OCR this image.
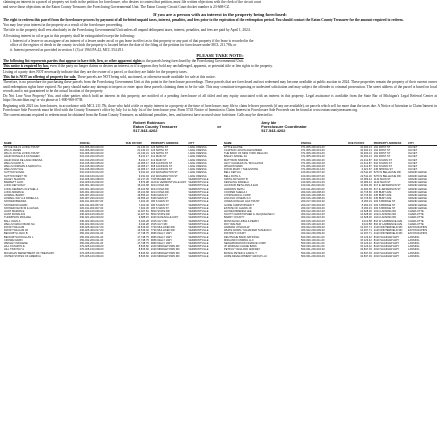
claiming an interest in a parcel of property set forth in the petition for foreclosure, who desires to contest that petition, must file written objections with the clerk of the circuit court

and serve those objections on the Eaton County Treasurer, the Foreclosing Governmental Unit. The Eaton County Circuit Court docket number is 23-668-CZ.

If you are a person with an interest in the property being foreclosed:

The right to redeem this parcel from the foreclosure process by payment of all forfeited unpaid taxes, interest, penalties, and fees prior to the expiration of the redemption period. You should contact the Eaton County Treasurer for the amount required to redeem.

You may lose your interest in the property as a result of the foreclosure proceeding.

The title to the property shall vest absolutely in the Foreclosing Governmental Unit unless all unpaid delinquent taxes, interest, penalties, and fees are paid by April 1, 2024.

All existing interest in oil or gas in this property shall be extinguished except the following:

i. Interest of a lessee or an assignee of an interest of a lessee under an oil or gas lease in effect as to that property or any part of that property if the lease is recorded in the

office of the register of deeds in the county in which the property is located before the date of the filing of the petition for foreclosure under MCL 211.78h; or

ii. Interest preserved as provided in section 1 (3) of 1963 PA 42, MCL 554.291.

PLEASE TAKE NOTE:

The following list represents parties that appear to have title, lien, or other apparent rights to the parcels being foreclosed by the Foreclosing Governmental Unit.

This notice is required by law, even if the party no longer claims or desires an interest, or if it appears they hold any unchallenged, apparent, or potential title or lien rights to the property.

Listing of a party does NOT necessarily indicate that they are the owner of a parcel, or that they are liable for the property taxes.

This list is NOT an offering of property for sale. These parcels are NOT being sold, auctioned, or otherwise made available for sale at this notice.

Therefore, is no procedure for purchasing these parcels from the Foreclosing Government Unit at this point in the foreclosure proceedings. These parcels that are foreclosed and not redeemed may become available at public auction in 2024. These properties remain the property of their current owner until redemption rights have expired. No party should make any attempt to inspect or enter upon these parcels claiming them to be for sale. This may constitute trespassing or undesired solicitation and may subject the offender to criminal prosecution. The street address of the parcel is based on local records and is not guaranteed to be the actual location of the property.

Do Not Lose Your Property! You, and other parties which hold an interest in this property, are notified of a pending foreclosure of all titled and any equity associated with an interest in this property. Legal assistance is available from the State Bar of Michigan's Legal Referral Center at https://lrs.michbar.org/ or via phone at 1-800-968-0738.

Beginning with 2021 tax foreclosures, in accordance with MCL 211.78t, those who hold a title or equity interest in a property at the time of foreclosure, may file to claim leftover proceeds (if any are available), on parcels which sell for more than the taxes due. A Notice of Intention to Claim Interest in Foreclosure Sale Proceeds must be filed with the County Treasurer's office by July 1st to July 1st of the foreclosure year. Form 5743 Notice of Intention to Claim Interest in Foreclosure Sale Proceeds can be found at www.eatoncountytreasurer.org.

The current amount required to redeem must be obtained from the Eaton County Treasurer, as additional penalties, fees, and interest have accrued since forfeiture. Calls may be directed to:

Robert Robinson
Eaton County Treasurer
517-543-4262
or
Amy Ide
Foreclosure Coordinator
517-543-4262
NAME	PARCEL	DUE PAYOFF	PROPERTY ADDRESS	CITY
JOYCE WILLS LIVING TRUST	010-006-300-020-00	21,130.31	123 SMITH ST	LAKE ODESSA
WILLS JAMES	010-006-300-020-00	21,130.31	123 SMITH ST	LAKE ODESSA
WILLS JOYCE LIVING TRUST	010-006-300-020-00	21,130.31	123 SMITH ST	LAKE ODESSA
HAHN DONALD & KATHLEEN	010-013-200-015-00	8,241.17	412 MAIN ST	LAKE ODESSA
HAHN DANA DE LAKE ODESSA	010-013-200-015-00	8,241.17	412 MAIN ST	LAKE ODESSA
WELLS DAVID S	010-015-300-005-00	14,005.17	918 JACKSON ST	LAKE ODESSA
WELLS NORMAN & MARILYN L	010-015-300-005-00	14,005.17	918 JACKSON ST	LAKE ODESSA
WELLS RUTH E	010-015-300-005-00	14,005.17	918 JACKSON ST	LAKE ODESSA
SUTTON SUSAN	010-019-100-012-00	9,331.94	210 WASHINGTON ST	LAKE ODESSA
SUTTON WEST TR	010-019-100-012-00	9,331.94	210 WASHINGTON ST	LAKE ODESSA
HAGEY SHARON	010-025-300-008-00	12,217.45	7315 BAUER RD	VERMONTVILLE
BARRETT JACK	010-029-100-002-00	5,873.98	1120 E VERMONTVILLE HWY	VERMONTVILLE
LONG KEITH RAY	020-001-400-022-00	15,104.68	9214 IONIA RD	VERMONTVILLE
LONG KENNETH & ETHEL A	020-001-400-022-00	15,104.68	9214 IONIA RD	VERMONTVILLE
LONG MIRIAM E	020-001-400-022-00	15,104.68	9214 IONIA RD	VERMONTVILLE
HOWELL BARRY	020-007-200-013-00	19,556.22	6330 MAIN ST	VERMONTVILLE
HOWELL RAY A & PAMELA A	020-007-200-013-00	19,556.22	6330 MAIN ST	VERMONTVILLE
SNYDER BRENDA	020-011-300-007-00	7,402.30	180 S MAIN ST	VERMONTVILLE
SNYDER RICHARD	020-011-300-007-00	7,402.30	180 S MAIN ST	VERMONTVILLE
SNYDER KEVIN M & ALISHA	020-011-300-007-00	7,402.30	180 S MAIN ST	VERMONTVILLE
HUNT MARIAN E	030-020-100-030-00	11,027.81	5810 STATE RD	VERMONTVILLE
HUNT RONALD R	030-020-100-030-00	11,027.81	5810 STATE RD	VERMONTVILLE
THOMPSON MICHAEL	030-021-200-004-00	9,688.15	4020 NASHVILLE HWY	VERMONTVILLE
BALL JOHN A	030-022-300-012-00	6,344.28	1515 GUY RD	VERMONTVILLE
WELLS FARGO BANK NA	030-022-300-012-00	6,344.28	1515 GUY RD	VERMONTVILLE
FROST WILLIAM	030-025-400-017-00	13,519.02	7720 MULLIKEN RD	VERMONTVILLE
FROST WILLIAM JR	030-025-400-017-00	13,519.02	7720 MULLIKEN RD	VERMONTVILLE
BECKWITH JACK B	050-032-200-011-00	17,748.75	9966 KELLY HWY	VERMONTVILLE
BECKWITH DOUGLAS L	050-032-200-011-00	17,748.75	9966 KELLY HWY	VERMONTVILLE
CROWE DAWN	050-032-200-011-00	17,748.75	9966 KELLY HWY	VERMONTVILLE
WESLEY IMOGENE	050-032-200-011-00	17,748.75	9966 KELLY HWY	VERMONTVILLE
HILL KATHRYN E	070-025-100-009-00	8,815.60	2100 MIDDLETOWN RD	VERMONTVILLE
HILL TIMOTHY A	070-025-100-009-00	8,815.60	2100 MIDDLETOWN RD	VERMONTVILLE
MICHIGAN DEPARTMENT OF TREASURY	070-025-100-009-00	8,815.60	2100 MIDDLETOWN RD	VERMONTVILLE
UNITED STATES OF AMERICA	070-025-100-009-00	8,815.60	2100 MIDDLETOWN RD	VERMONTVILLE
NAME	PARCEL	DUE PAYOFF	PROPERTY ADDRESS	CITY
LITTLE ELAINE	071-005-400-019-00	32,460.13	162 FIRST ST	OLIVET
CLAPSON JASON ALEXANDER	071-005-400-019-00	32,460.13	162 FIRST ST	OLIVET
THE BANK OF NEW YORK MELLON	071-005-400-019-00	32,460.13	162 FIRST ST	OLIVET
BAILEY DANIEL FA	071-005-400-019-00	32,460.13	162 FIRST ST	OLIVET
MATTISON SIMONE	071-006-100-002-00	21,412.87	610 N MAIN ST	OLIVET
LEVY CHARLES IN / MCCLAIN R	071-006-100-002-00	21,412.87	610 N MAIN ST	OLIVET
WISHON MARK	071-006-100-002-00	21,412.87	610 N MAIN ST	OLIVET
DIXON MARY / THE ESTATE	071-008-200-014-00	6,021.57	245 SPRING ST	OLIVET
BELL KEITH A	100-004-300-007-00	22,511.20	5270 N BELLEVUE RD	GRAND LEDGE
BELL RUTH A	100-004-300-007-00	22,511.20	5270 N BELLEVUE RD	GRAND LEDGE
SMITH ANTHONY B	100-006-100-041-00	16,383.44	1142 MAIN ST	GRAND LEDGE
KESSLING DANIELA	100-006-100-041-00	16,383.44	1142 MAIN ST	GRAND LEDGE
JACKSON BETH ANN & EVA	100-011-200-020-00	11,904.09	617 E JEFFERSON ST	GRAND LEDGE
HAWKINS KEITH	100-011-200-020-00	11,904.09	617 E JEFFERSON ST	GRAND LEDGE
COOPER SHEILA J	200-016-100-008-00	10,715.66	435 BURT AVE	GRAND LEDGE
CITIFINANCIAL CORP	200-016-100-008-00	10,715.66	435 BURT AVE	GRAND LEDGE
LINCOLN JOSEPH A II	200-016-100-008-00	10,715.66	435 BURT AVE	GRAND LEDGE
JONES DONALD GAS TRUST	200-017-300-004-00	8,260.19	203 S BRIDGE ST	GRAND LEDGE
GUIDE CHRISTOPHER T	200-017-300-004-00	8,260.19	203 S BRIDGE ST	GRAND LEDGE
ESTATE OF GLENN JR	200-017-300-004-00	8,260.19	203 S BRIDGE ST	GRAND LEDGE
HAYDEN BRENDA LEE	300-012-400-016-00	14,628.30	1014 LANSING RD	CHARLOTTE
SCOTT CHRISTOPHER & JACQUELINE N	300-012-400-016-00	14,628.30	1014 LANSING RD	CHARLOTTE
BARRY COUNTY	300-012-400-016-00	14,628.30	1014 LANSING RD	CHARLOTTE
MONTAGUE LINDA & PERRY	300-015-100-022-00	9,110.58	816 W LAWRENCE AVE	CHARLOTTE
ROY WALTER	300-015-100-022-00	9,110.58	816 W LAWRENCE AVE	CHARLOTTE
HARMAN JOSHUA W	400-022-200-009-00	12,337.71	2140 WINTERFIELD RD	EATON RAPIDS
WHITE DAWN / SCHAFFER TASHIAN N	400-022-200-009-00	12,337.71	2140 WINTERFIELD RD	EATON RAPIDS
DISTRICT COURT	400-022-200-009-00	12,337.71	2140 WINTERFIELD RD	EATON RAPIDS
DEUTSCHE BANK NATIONAL	500-030-100-011-00	15,123.42	8120 SAGINAW HWY	LANSING
MIDLAND FUNDING LLC	500-030-100-011-00	15,123.42	8120 SAGINAW HWY	LANSING
NEIGHBORHOOD FINANCE CORP	500-030-100-011-00	15,123.42	8120 SAGINAW HWY	LANSING
JP MORGAN CHASE BANK	500-030-100-011-00	15,123.42	8120 SAGINAW HWY	LANSING
PETKOV YANA AND JEFFREY	500-031-200-004-00	19,847.03	4010 SAGINAW HWY	LANSING
BOSCH PETER & CAROL T	500-031-200-004-00	19,847.03	4010 SAGINAW HWY	LANSING
HOPE DEVELOPMENT GROUP LLC	500-031-200-004-00	19,847.03	4010 SAGINAW HWY	LANSING
